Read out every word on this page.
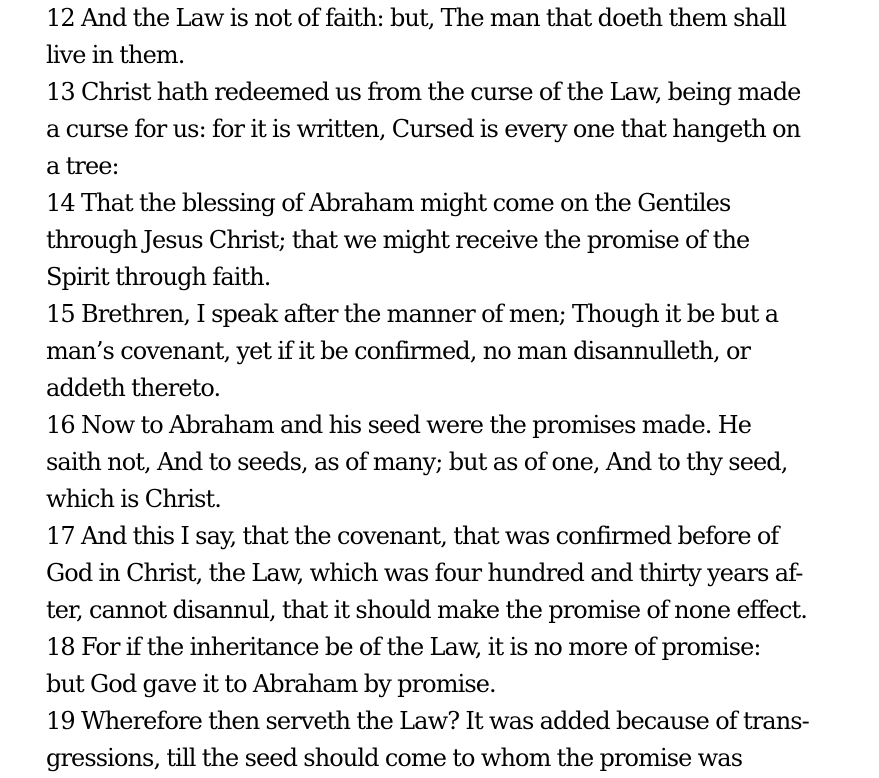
12 And the Law is not of faith: but, The man that doeth them shall
live in them.
13 Christ hath redeemed us from the curse of the Law, being made
a curse for us: for it is written, Cursed is every one that hangeth on
a tree:
14 That the blessing of Abraham might come on the Gentiles
through Jesus Christ; that we might receive the promise of the
Spirit through faith.
15 Brethren, I speak after the manner of men; Though it be but a
man’s covenant, yet if it be confirmed, no man disannulleth, or
addeth thereto.
16 Now to Abraham and his seed were the promises made. He
saith not, And to seeds, as of many; but as of one, And to thy seed,
which is Christ.
17 And this I say, that the covenant, that was confirmed before of
God in Christ, the Law, which was four hundred and thirty years af-
ter, cannot disannul, that it should make the promise of none effect.
18 For if the inheritance be of the Law, it is no more of promise:
but God gave it to Abraham by promise.
19 Wherefore then serveth the Law? It was added because of trans-
gressions, till the seed should come to whom the promise was
